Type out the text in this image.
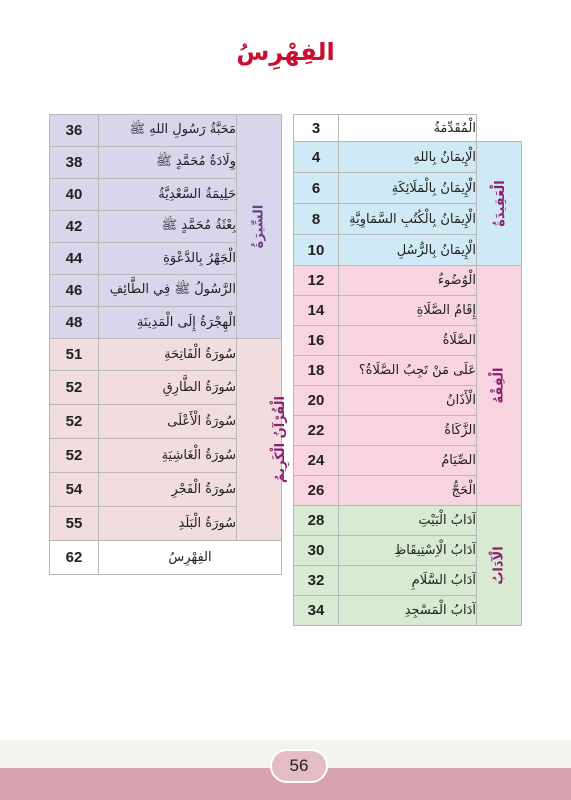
الفِهْرِسُ
3	الْمُقَدِّمَةُ	
4	الْإِيمَانُ بِاللهِ	الْعَقِيدَةُ
6	الْإِيمَانُ بِالْمَلَائِكَةِ	
8	الْإِيمَانُ بِالْكُتُبِ السَّمَاوِيَّةِ	
10	الْإِيمَانُ بِالرُّسُلِ	
12	الْوُضُوءُ	الْفِقْهُ
14	إِقَامُ الصَّلَاةِ	
16	الصَّلَاةُ	
18	عَلَى مَنْ تَجِبُ الصَّلَاةُ؟	
20	الْأَذَانُ	
22	الزَّكَاةُ	
24	الصِّيَامُ	
26	الْحَجُّ	
28	آدَابُ الْبَيْتِ	الْآدَابُ
30	آدَابُ الْاِسْتِيقَاظِ	
32	آدَابُ السَّلَامِ	
34	آدَابُ الْمَسْجِدِ	
36	مَحَبَّةُ رَسُولِ اللهِ ﷺ	السِّيرَةُ
38	وِلَادَةُ مُحَمَّدٍ ﷺ	
40	حَلِيمَةُ السَّعْدِيَّةُ	
42	بِعْثَةُ مُحَمَّدٍ ﷺ	
44	الْجَهْرُ بِالدَّعْوَةِ	
46	الرَّسُولُ ﷺ فِي الطَّائِفِ	
48	الْهِجْرَةُ إِلَى الْمَدِينَةِ	
51	سُورَةُ الْفَاتِحَةِ	الْقُرْآنُ الْكَرِيمُ
52	سُورَةُ الطَّارِقِ	
52	سُورَةُ الْأَعْلَى	
52	سُورَةُ الْغَاشِيَةِ	
54	سُورَةُ الْفَجْرِ	
55	سُورَةُ الْبَلَدِ	
62	الفِهْرِسُ	
56
